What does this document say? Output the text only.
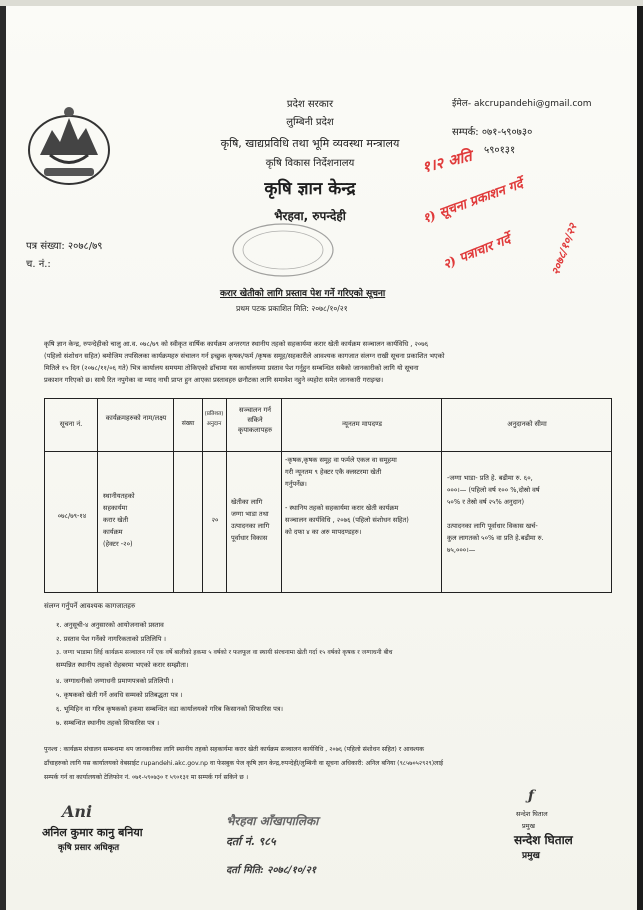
प्रदेश सरकार
लुम्बिनी प्रदेश
कृषि, खाद्यप्रविधि तथा भूमि व्यवस्था मन्त्रालय
कृषि विकास निर्देशनालय
कृषि ज्ञान केन्द्र
भैरहवा, रुपन्देही
ईमेल- akcrupandehi@gmail.com
सम्पर्क: ०७१-५९०७३०
५९०१३१
पत्र संख्या: २०७८/७९
च. नं.:
करार खेतीको लागि प्रस्ताव पेश गर्ने गरिएको सूचना
प्रथम पटक प्रकाशित मिति: २०७८/१०/२१
कृषि ज्ञान केन्द्र, रुपन्देहीको चालु आ.व. ०७८/७९ को स्वीकृत वार्षिक कार्यक्रम अन्तरगत स्थानीय तहको सहकार्यमा करार खेती कार्यक्रम सञ्चालन कार्यविधि , २०७६
(पहिलो संशोधन सहित) बमोजिम तपसिलका कार्यक्रमहरु संचालन गर्न इच्छुक कृषक/फर्म /कृषक समूह/सहकारीले आवश्यक कागजात संलग्न राखी सूचना प्रकाशित भएको
मितिले १५ दिन (२०७८/११/०६ गते) भित्र कार्यालय समयमा तोकिएको ढाँचामा यस कार्यालयमा प्रस्ताव पेश गर्नुहुन सम्बन्धित सबैको जानकारीको लागि यो सूचना
प्रकाशन गरिएको छ। साथै रित नपुगेका वा म्याद नाघी प्राप्त हुन आएका प्रस्तावहरु छनौटका लागि समावेश नहुने व्यहोरा समेत जानकारी गराइन्छ।
सूचना नं.
कार्यक्रमहरुको नाम/लक्ष्य
संख्या
(प्रतिशत) अनुदान
सञ्चालन गर्न सकिने कृयाकलापहरु
न्यूनतम मापदण्ड	अनुदानको सीमा
०७८/७९-१४
स्थानीयतहको
सहकार्यमा
करार खेती
कार्यक्रम
(हेक्टर -२०)
२०
खेतीका लागि
जग्गा भाडा तथा
उत्पादनका लागि
पूर्वाधार विकास
-कृषक,कृषक समूह वा फर्मले एकल वा समूहमा
गरी न्यूनतम ९ हेक्टर एकै क्लस्टरमा खेती
गर्नुपर्नेछ।
- स्थानिय तहको सहकार्यमा करार खेती कार्यक्रम
सञ्चालन कार्यविधि , २०७६ (पहिलो संशोधन सहित)
को दफा ४ का अरु मापदण्डहरु।
-जग्गा भाडा- प्रति हे. बढीमा रु. ६०,
०००।— (पहिलो वर्ष १०० %,दोस्रो वर्ष
५०% र तेस्रो वर्ष २५% अनुदान)
उत्पादनका लागि पूर्वाधार विकास खर्च-
कुल लागतको ५०% वा प्रति हे.बढीमा रु.
७५,०००।—
संलग्न गर्नुपर्ने आवश्यक कागजातहरु
१. अनुसूची-४ अनुसारको आयोजनाको प्रस्ताव
२. प्रस्ताव पेश गर्नेको नागरिकताको प्रतिलिपि ।
३. जग्गा भाडामा लिई कार्यक्रम सञ्चालन गर्ने एक वर्षे बालीको हकमा ५ वर्षको र फलफूल वा स्थायी संरचनामा खेती गर्दा १५ वर्षको कृषक र जग्गाधनी बीच
सम्पन्नित स्थानीय तहको रोहबरमा भएको करार सम्झौता।
४. जग्गाधनीको जग्गाधनी प्रमाणपत्रको प्रतिलिपी ।
५. कृषकको खेती गर्ने अवधि सम्मको प्रतिबद्धता पत्र ।
६. भूमिहिन वा गरिब कृषकको हकमा सम्बन्धित वडा कार्यालयको गरिब किसानको सिफारिस पत्र।
७. सम्बन्धित स्थानीय तहको सिफारिस पत्र ।
पुनश्च : कार्यक्रम संचालन सम्बन्धमा थप जानकारीका लागि स्थानीय तहको सहकार्यमा करार खेती कार्यक्रम सञ्चालन कार्यविधि , २०७६ (पहिलो संशोधन सहित) र आवश्यक
ढाँचाहरुको लागि यस कार्यालयको वेबसाईट rupandehi.akc.gov.np वा फेसबुक पेज कृषि ज्ञान केन्द्र,रुपन्देही/लुम्बिनी वा सूचना अधिकारी: अनिल बनिया (९८५७०५२९२९)लाई
सम्पर्क गर्न वा कार्यालयको टेलिफोन नं. ०७१-५९०७३० र ५९०१३१ मा सम्पर्क गर्न सकिने छ ।
Ani
अनिल कुमार कानु बनिया
कृषि प्रसार अधिकृत
भैरहवा आँखापालिका
दर्ता नं. ९८५
दर्ता मिति: २०७८/१०/२१
ƒ
सन्देश घिताल
प्रमुख
सन्देश घिताल
प्रमुख
१।२ अति
१) सूचना प्रकाशन गर्दे
२) पत्राचार गर्दे	२०७८/१०/२२
